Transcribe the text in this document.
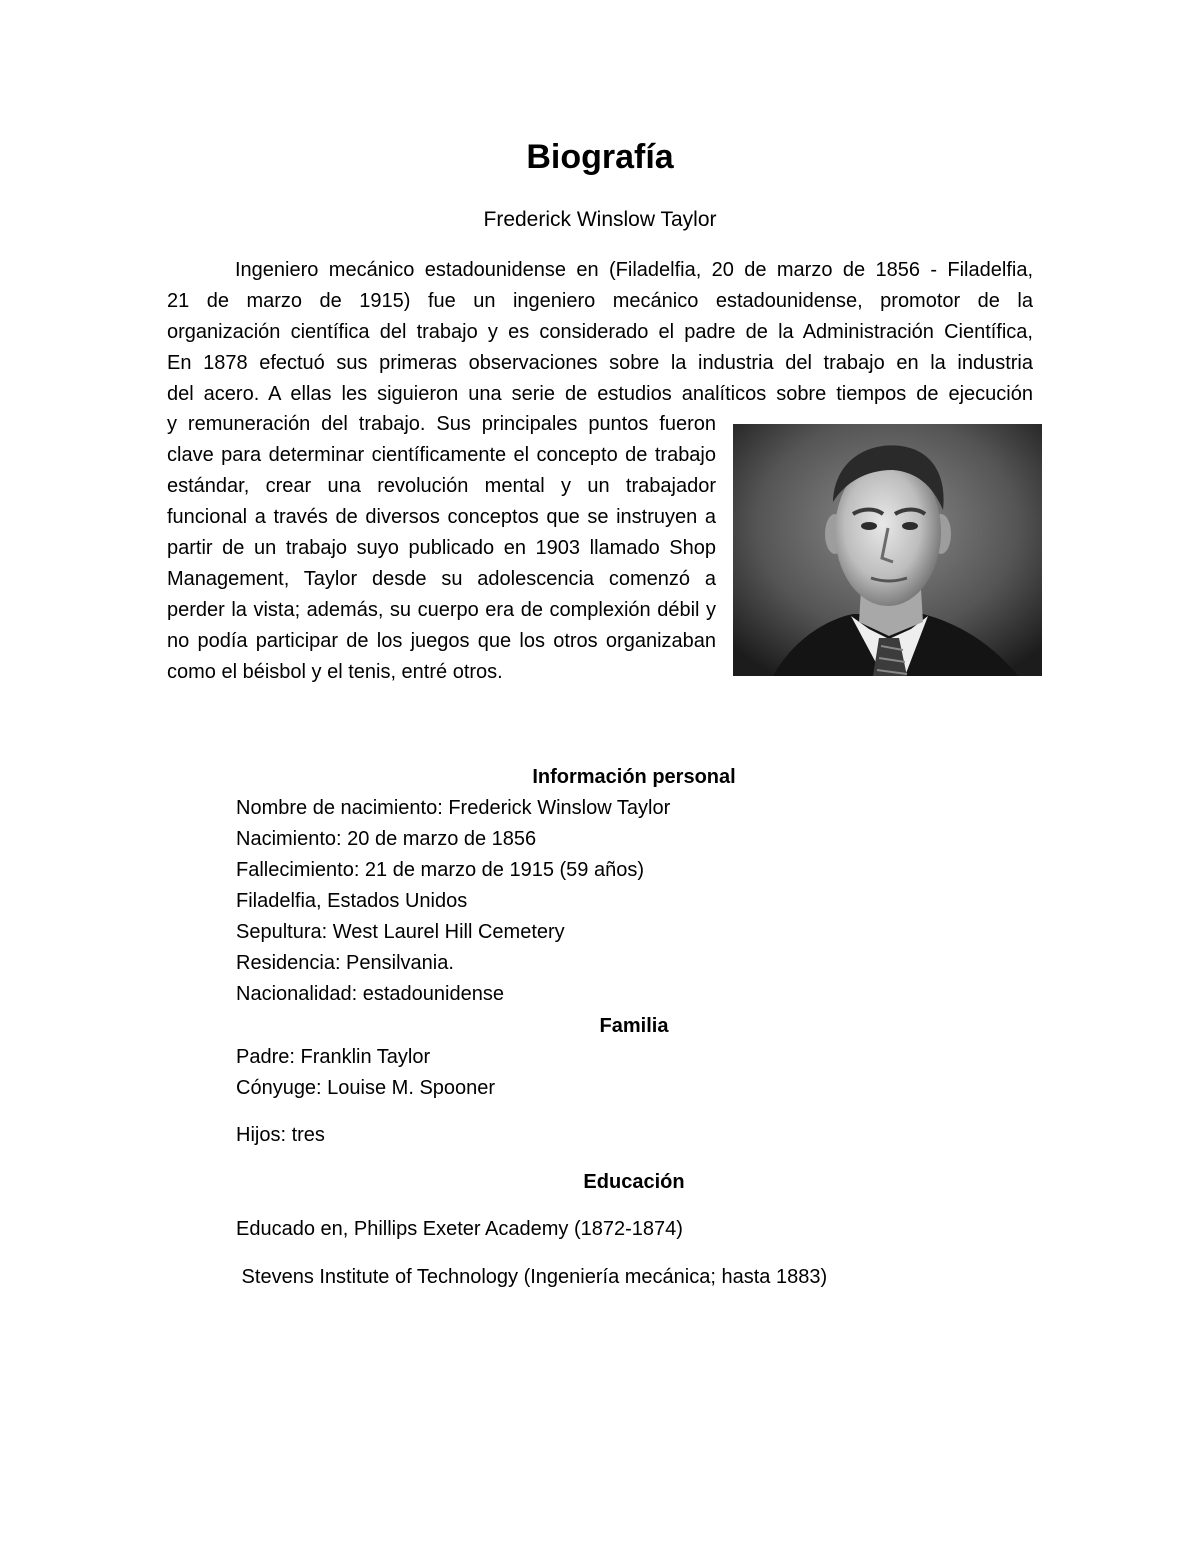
Biografía
Frederick Winslow Taylor
Ingeniero mecánico estadounidense en (Filadelfia, 20 de marzo de 1856 - Filadelfia,
21 de marzo de 1915) fue un ingeniero mecánico estadounidense, promotor de la
organización científica del trabajo y es considerado el padre de la Administración Científica,
En 1878 efectuó sus primeras observaciones sobre la industria del trabajo en la industria
del acero. A ellas les siguieron una serie de estudios analíticos sobre tiempos de ejecución
y remuneración del trabajo. Sus principales puntos fueron clave para determinar científicamente el concepto de trabajo estándar, crear una revolución mental y un trabajador funcional a través de diversos conceptos que se instruyen a partir de un trabajo suyo publicado en 1903 llamado Shop Management, Taylor desde su adolescencia comenzó a perder la vista; además, su cuerpo era de complexión débil y no podía participar de los juegos que los otros organizaban como el béisbol y el tenis, entré otros.
Información personal
Nombre de nacimiento: Frederick Winslow Taylor
Nacimiento: 20 de marzo de 1856
Fallecimiento: 21 de marzo de 1915 (59 años)
Filadelfia, Estados Unidos
Sepultura: West Laurel Hill Cemetery
Residencia: Pensilvania.
Nacionalidad: estadounidense
Familia
Padre: Franklin Taylor
Cónyuge: Louise M. Spooner
Hijos: tres
Educación
Educado en, Phillips Exeter Academy (1872-1874)
Stevens Institute of Technology (Ingeniería mecánica; hasta 1883)
